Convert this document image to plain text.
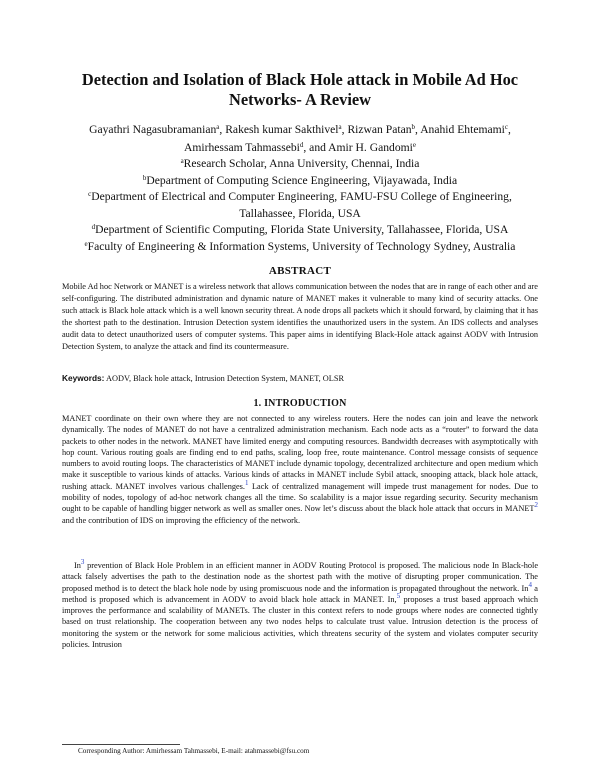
Detection and Isolation of Black Hole attack in Mobile Ad Hoc Networks- A Review
Gayathri Nagasubramanian$^a$, Rakesh kumar Sakthivel$^a$, Rizwan Patan$^b$, Anahid Ehtemami$^c$,
Amirhessam Tahmassebi$^d$, and Amir H. Gandomi$^e$
$^a$Research Scholar, Anna University, Chennai, India
$^b$Department of Computing Science Engineering, Vijayawada, India
$^c$Department of Electrical and Computer Engineering, FAMU-FSU College of Engineering,
Tallahassee, Florida, USA
$^d$Department of Scientific Computing, Florida State University, Tallahassee, Florida, USA
$^e$Faculty of Engineering & Information Systems, University of Technology Sydney, Australia
ABSTRACT
Mobile Ad hoc Network or MANET is a wireless network that allows communication between the nodes that are in range of each other and are self-configuring. The distributed administration and dynamic nature of MANET makes it vulnerable to many kind of security attacks. One such attack is Black hole attack which is a well known security threat. A node drops all packets which it should forward, by claiming that it has the shortest path to the destination. Intrusion Detection system identifies the unauthorized users in the system. An IDS collects and analyses audit data to detect unauthorized users of computer systems. This paper aims in identifying Black-Hole attack against AODV with Intrusion Detection System, to analyze the attack and find its countermeasure.
Keywords: AODV, Black hole attack, Intrusion Detection System, MANET, OLSR
1. INTRODUCTION
MANET coordinate on their own where they are not connected to any wireless routers. Here the nodes can join and leave the network dynamically. The nodes of MANET do not have a centralized administration mechanism. Each node acts as a “router” to forward the data packets to other nodes in the network. MANET have limited energy and computing resources. Bandwidth decreases with asymptotically with hop count. Various routing goals are finding end to end paths, scaling, loop free, route maintenance. Control message consists of sequence numbers to avoid routing loops. The characteristics of MANET include dynamic topology, decentralized architecture and open medium which make it susceptible to various kinds of attacks. Various kinds of attacks in MANET include Sybil attack, snooping attack, black hole attack, rushing attack. MANET involves various challenges.$^1$ Lack of centralized management will impede trust management for nodes. Due to mobility of nodes, topology of ad-hoc network changes all the time. So scalability is a major issue regarding security. Security mechanism ought to be capable of handling bigger network as well as smaller ones. Now let’s discuss about the black hole attack that occurs in MANET$^2$ and the contribution of IDS on improving the efficiency of the network.
In$^3$ prevention of Black Hole Problem in an efficient manner in AODV Routing Protocol is proposed. The malicious node In Black-hole attack falsely advertises the path to the destination node as the shortest path with the motive of disrupting proper communication. The proposed method is to detect the black hole node by using promiscuous node and the information is propagated throughout the network. In$^4$ a method is proposed which is advancement in AODV to avoid black hole attack in MANET. In,$^5$ proposes a trust based approach which improves the performance and scalability of MANETs. The cluster in this context refers to node groups where nodes are connected tightly based on trust relationship. The cooperation between any two nodes helps to calculate trust value. Intrusion detection is the process of monitoring the system or the network for some malicious activities, which threatens security of the system and violates computer security policies. Intrusion
Corresponding Author: Amirhessam Tahmassebi, E-mail: atahmassebi@fsu.com
